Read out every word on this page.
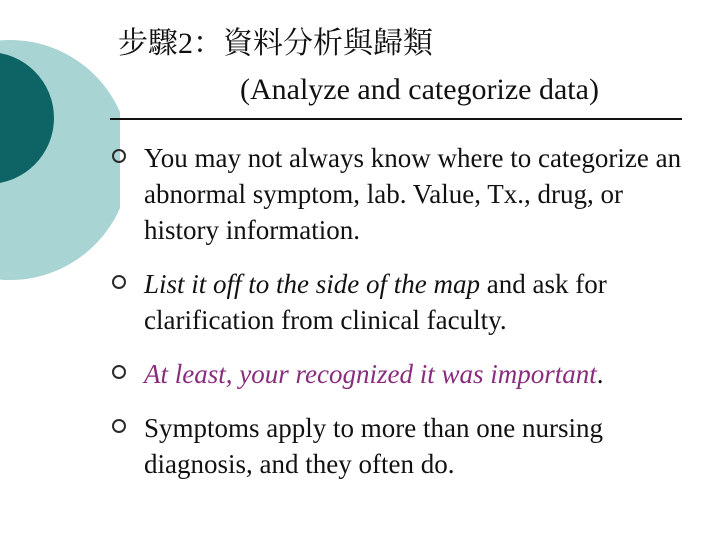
步驟2：資料分析與歸類
(Analyze and categorize data)
You may not always know where to categorize an abnormal symptom, lab. Value, Tx., drug, or history information.
List it off to the side of the map and ask for clarification from clinical faculty.
At least, your recognized it was important.
Symptoms apply to more than one nursing diagnosis, and they often do.
